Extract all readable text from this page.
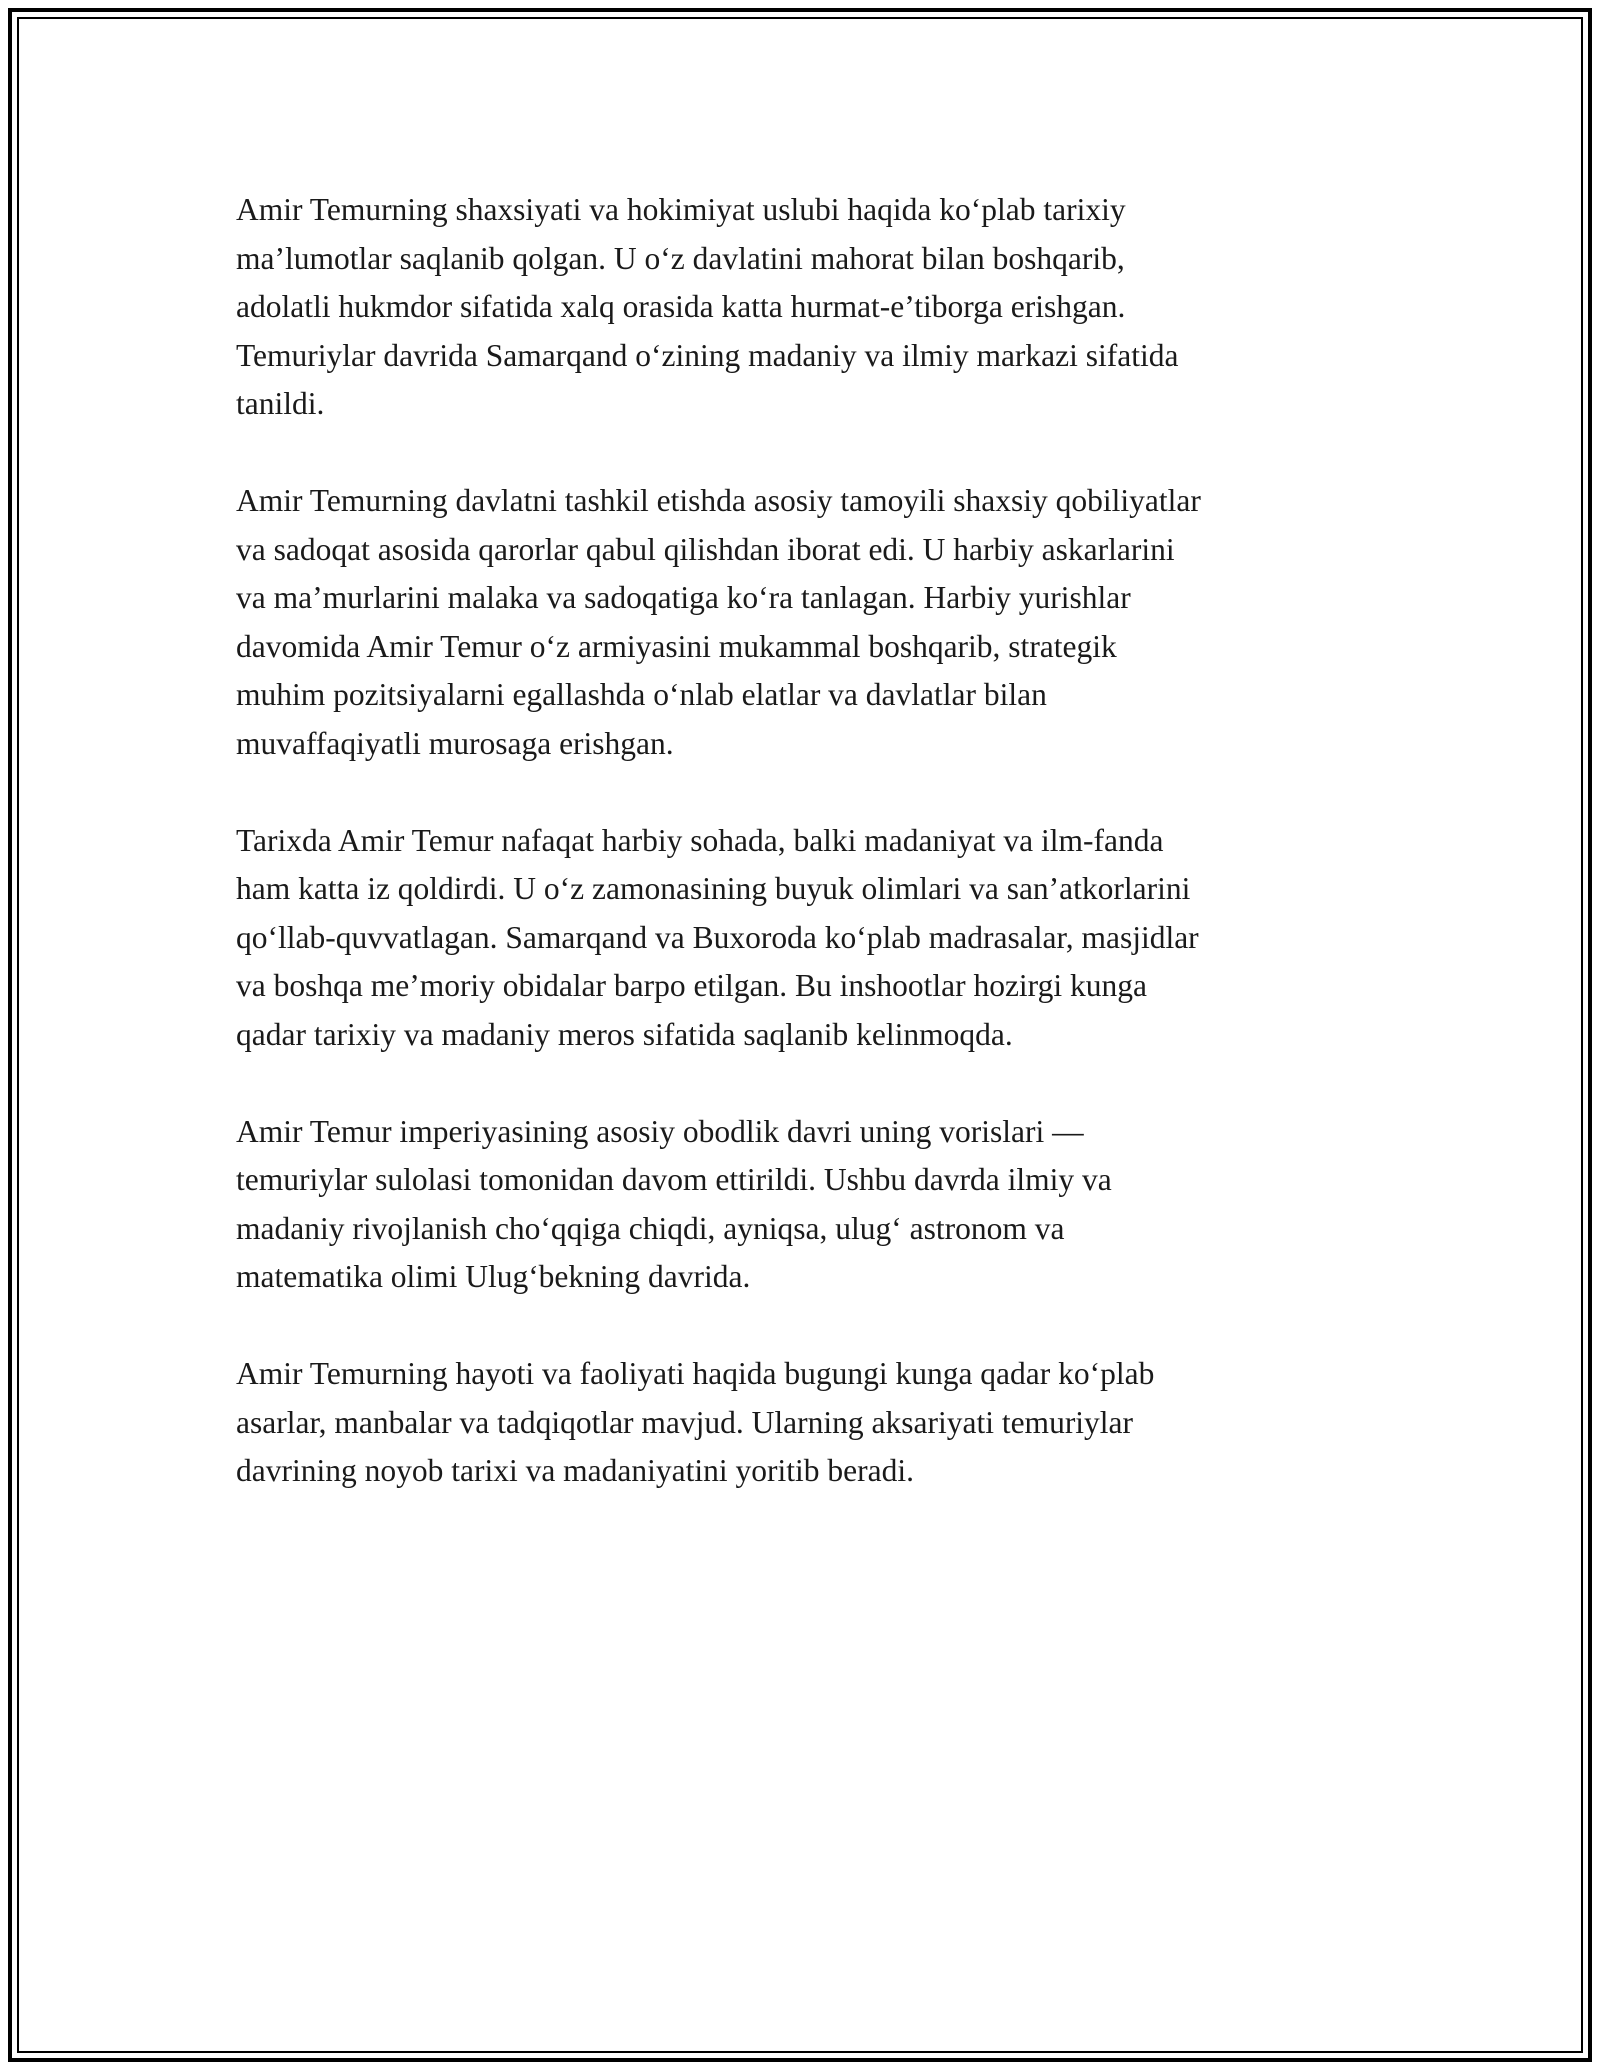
Amir Temurning shaxsiyati va hokimiyat uslubi haqida ko‘plab tarixiy
ma’lumotlar saqlanib qolgan. U o‘z davlatini mahorat bilan boshqarib,
adolatli hukmdor sifatida xalq orasida katta hurmat-e’tiborga erishgan.
Temuriylar davrida Samarqand o‘zining madaniy va ilmiy markazi sifatida
tanildi.

Amir Temurning davlatni tashkil etishda asosiy tamoyili shaxsiy qobiliyatlar
va sadoqat asosida qarorlar qabul qilishdan iborat edi. U harbiy askarlarini
va ma’murlarini malaka va sadoqatiga ko‘ra tanlagan. Harbiy yurishlar
davomida Amir Temur o‘z armiyasini mukammal boshqarib, strategik
muhim pozitsiyalarni egallashda o‘nlab elatlar va davlatlar bilan
muvaffaqiyatli murosaga erishgan.

Tarixda Amir Temur nafaqat harbiy sohada, balki madaniyat va ilm-fanda
ham katta iz qoldirdi. U o‘z zamonasining buyuk olimlari va san’atkorlarini
qo‘llab-quvvatlagan. Samarqand va Buxoroda ko‘plab madrasalar, masjidlar
va boshqa me’moriy obidalar barpo etilgan. Bu inshootlar hozirgi kunga
qadar tarixiy va madaniy meros sifatida saqlanib kelinmoqda.

Amir Temur imperiyasining asosiy obodlik davri uning vorislari —
temuriylar sulolasi tomonidan davom ettirildi. Ushbu davrda ilmiy va
madaniy rivojlanish cho‘qqiga chiqdi, ayniqsa, ulug‘ astronom va
matematika olimi Ulug‘bekning davrida.

Amir Temurning hayoti va faoliyati haqida bugungi kunga qadar ko‘plab
asarlar, manbalar va tadqiqotlar mavjud. Ularning aksariyati temuriylar
davrining noyob tarixi va madaniyatini yoritib beradi.
